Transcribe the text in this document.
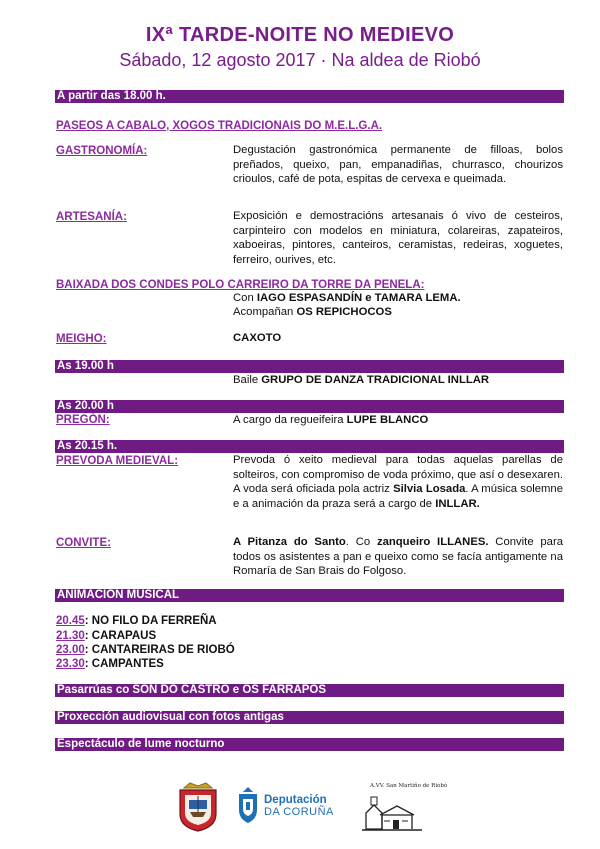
IXª TARDE-NOITE NO MEDIEVO
Sábado, 12 agosto 2017 · Na aldea de Riobó
A partir das 18.00 h.
PASEOS A CABALO, XOGOS TRADICIONAIS DO M.E.L.G.A.
GASTRONOMÍA:	Degustación gastronómica permanente de filloas, bolos preñados, queixo, pan, empanadiñas, churrasco, chourizos crioulos, café de pota, espitas de cervexa e queimada.
ARTESANÍA:	Exposición e demostracións artesanais ó vivo de cesteiros, carpinteiro con modelos en miniatura, colareiras, zapateiros, xaboeiras, pintores, canteiros, ceramistas, redeiras, xoguetes, ferreiro, ourives, etc.
BAIXADA DOS CONDES POLO CARREIRO DA TORRE DA PENELA:
Con IAGO ESPASANDÍN e TAMARA LEMA.
Acompañan OS REPICHOCOS
MEIGHO:	CAXOTO
Ás 19.00 h
Baile GRUPO DE DANZA TRADICIONAL INLLAR
Ás 20.00 h
PREGÓN:	A cargo da regueifeira LUPE BLANCO
Ás 20.15 h.
PREVODA MEDIEVAL:	Prevoda ó xeito medieval para todas aquelas parellas de solteiros, con compromiso de voda próximo, que así o desexaren. A voda será oficiada pola actriz Silvia Losada. A música solemne e a animación da praza será a cargo de INLLAR.
CONVITE:	A Pitanza do Santo. Co zanqueiro ILLANES. Convite para todos os asistentes a pan e queixo como se facía antigamente na Romaría de San Brais do Folgoso.
ANIMACIÓN MUSICAL
20.45: NO FILO DA FERREÑA
21.30: CARAPAUS
23.00: CANTAREIRAS DE RIOBÓ
23.30: CAMPANTES
Pasarrúas co SON DO CASTRO e OS FARRAPOS
Proxección audiovisual con fotos antigas
Espectáculo de lume nocturno
Deputación
DA CORUÑA
A.VV. San Martiño de Riobó
